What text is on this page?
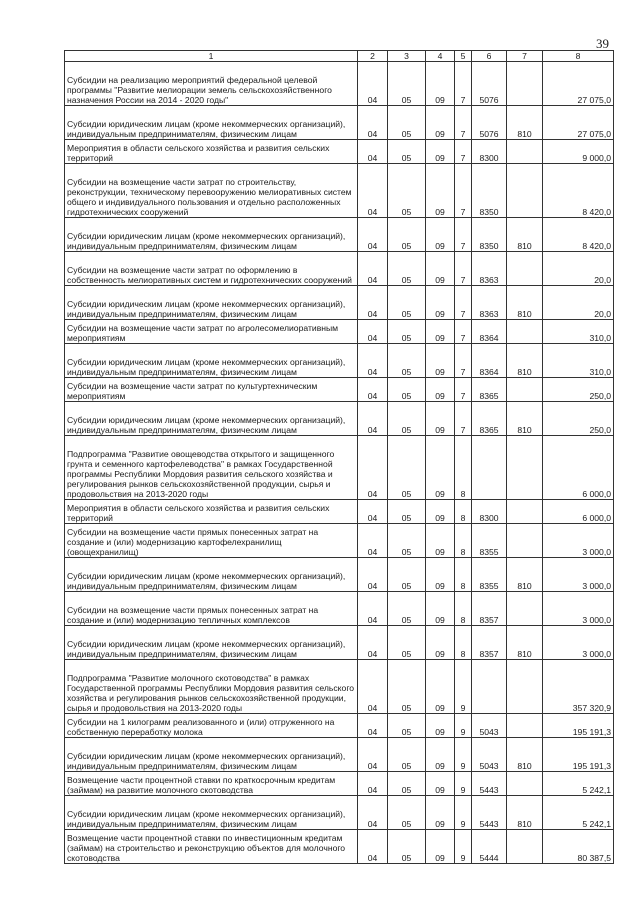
39
1	2	3	4	5	6	7	8
Субсидии на реализацию мероприятий федеральной целевой программы "Развитие мелиорации земель сельскохозяйственного назначения России на 2014 - 2020 годы"	04	05	09	7	5076		27 075,0
Субсидии юридическим лицам (кроме некоммерческих организаций), индивидуальным предпринимателям, физическим лицам	04	05	09	7	5076	810	27 075,0
Мероприятия в области сельского хозяйства и развития сельских территорий	04	05	09	7	8300		9 000,0
Субсидии на возмещение части затрат по строительству, реконструкции, техническому перевооружению мелиоративных систем общего и индивидуального пользования и отдельно расположенных гидротехнических сооружений	04	05	09	7	8350		8 420,0
Субсидии юридическим лицам (кроме некоммерческих организаций), индивидуальным предпринимателям, физическим лицам	04	05	09	7	8350	810	8 420,0
Субсидии на возмещение части затрат по оформлению в собственность мелиоративных систем и гидротехнических сооружений	04	05	09	7	8363		20,0
Субсидии юридическим лицам (кроме некоммерческих организаций), индивидуальным предпринимателям, физическим лицам	04	05	09	7	8363	810	20,0
Субсидии на возмещение части затрат по агролесомелиоративным мероприятиям	04	05	09	7	8364		310,0
Субсидии юридическим лицам (кроме некоммерческих организаций), индивидуальным предпринимателям, физическим лицам	04	05	09	7	8364	810	310,0
Субсидии на возмещение части затрат по культуртехническим мероприятиям	04	05	09	7	8365		250,0
Субсидии юридическим лицам (кроме некоммерческих организаций), индивидуальным предпринимателям, физическим лицам	04	05	09	7	8365	810	250,0
Подпрограмма "Развитие овощеводства открытого и защищенного грунта и семенного картофелеводства" в рамках Государственной программы Республики Мордовия развития сельского хозяйства и регулирования рынков сельскохозяйственной продукции, сырья и продовольствия на 2013-2020 годы	04	05	09	8			6 000,0
Мероприятия в области сельского хозяйства и развития сельских территорий	04	05	09	8	8300		6 000,0
Субсидии на возмещение части прямых понесенных затрат на создание и (или) модернизацию картофелехранилищ (овощехранилищ)	04	05	09	8	8355		3 000,0
Субсидии юридическим лицам (кроме некоммерческих организаций), индивидуальным предпринимателям, физическим лицам	04	05	09	8	8355	810	3 000,0
Субсидии на возмещение части прямых понесенных затрат на создание и (или) модернизацию тепличных комплексов	04	05	09	8	8357		3 000,0
Субсидии юридическим лицам (кроме некоммерческих организаций), индивидуальным предпринимателям, физическим лицам	04	05	09	8	8357	810	3 000,0
Подпрограмма "Развитие молочного скотоводства" в рамках Государственной программы Республики Мордовия развития сельского хозяйства и регулирования рынков сельскохозяйственной продукции, сырья и продовольствия на 2013-2020 годы	04	05	09	9			357 320,9
Субсидии на 1 килограмм реализованного и (или) отгруженного на собственную переработку молока	04	05	09	9	5043		195 191,3
Субсидии юридическим лицам (кроме некоммерческих организаций), индивидуальным предпринимателям, физическим лицам	04	05	09	9	5043	810	195 191,3
Возмещение части процентной ставки по краткосрочным кредитам (займам) на развитие молочного скотоводства	04	05	09	9	5443		5 242,1
Субсидии юридическим лицам (кроме некоммерческих организаций), индивидуальным предпринимателям, физическим лицам	04	05	09	9	5443	810	5 242,1
Возмещение части процентной ставки по инвестиционным кредитам (займам) на строительство и реконструкцию объектов для молочного скотоводства	04	05	09	9	5444		80 387,5
